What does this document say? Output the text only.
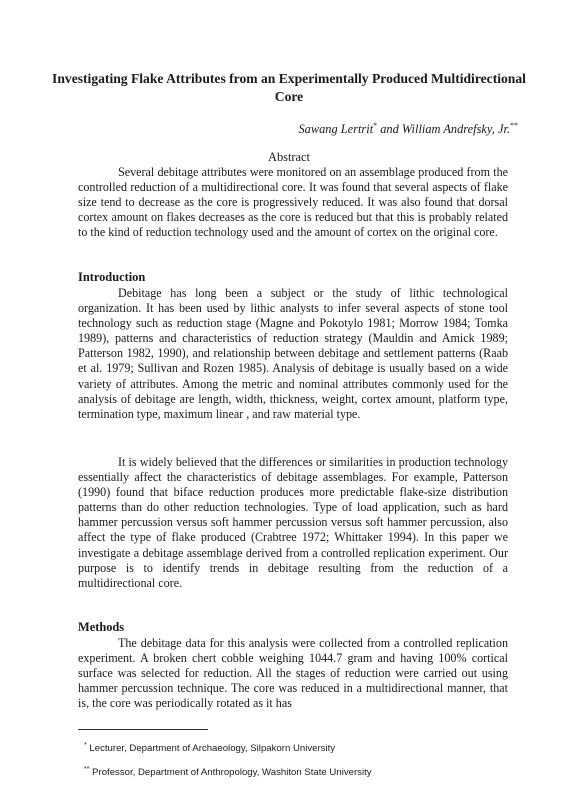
Investigating Flake Attributes from an Experimentally Produced Multidirectional Core
Sawang Lertrit* and William Andrefsky, Jr.**
Abstract

Several debitage attributes were monitored on an assemblage produced from the controlled reduction of a multidirectional core. It was found that several aspects of flake size tend to decrease as the core is progressively reduced. It was also found that dorsal cortex amount on flakes decreases as the core is reduced but that this is probably related to the kind of reduction technology used and the amount of cortex on the original core.

Introduction

Debitage has long been a subject or the study of lithic technological organization. It has been used by lithic analysts to infer several aspects of stone tool technology such as reduction stage (Magne and Pokotylo 1981; Morrow 1984; Tomka 1989), patterns and characteristics of reduction strategy (Mauldin and Amick 1989; Patterson 1982, 1990), and relationship between debitage and settlement patterns (Raab et al. 1979; Sullivan and Rozen 1985). Analysis of debitage is usually based on a wide variety of attributes. Among the metric and nominal attributes commonly used for the analysis of debitage are length, width, thickness, weight, cortex amount, platform type, termination type, maximum linear , and raw material type.

It is widely believed that the differences or similarities in production technology essentially affect the characteristics of debitage assemblages. For example, Patterson (1990) found that biface reduction produces more predictable flake-size distribution patterns than do other reduction technologies. Type of load application, such as hard hammer percussion versus soft hammer percussion versus soft hammer percussion, also affect the type of flake produced (Crabtree 1972; Whittaker 1994). In this paper we investigate a debitage assemblage derived from a controlled replication experiment. Our purpose is to identify trends in debitage resulting from the reduction of a multidirectional core.

Methods

The debitage data for this analysis were collected from a controlled replication experiment. A broken chert cobble weighing 1044.7 gram and having 100% cortical surface was selected for reduction. All the stages of reduction were carried out using hammer percussion technique. The core was reduced in a multidirectional manner, that is, the core was periodically rotated as it has

* Lecturer, Department of Archaeology, Silpakorn University
** Professor, Department of Anthropology, Washiton State University
